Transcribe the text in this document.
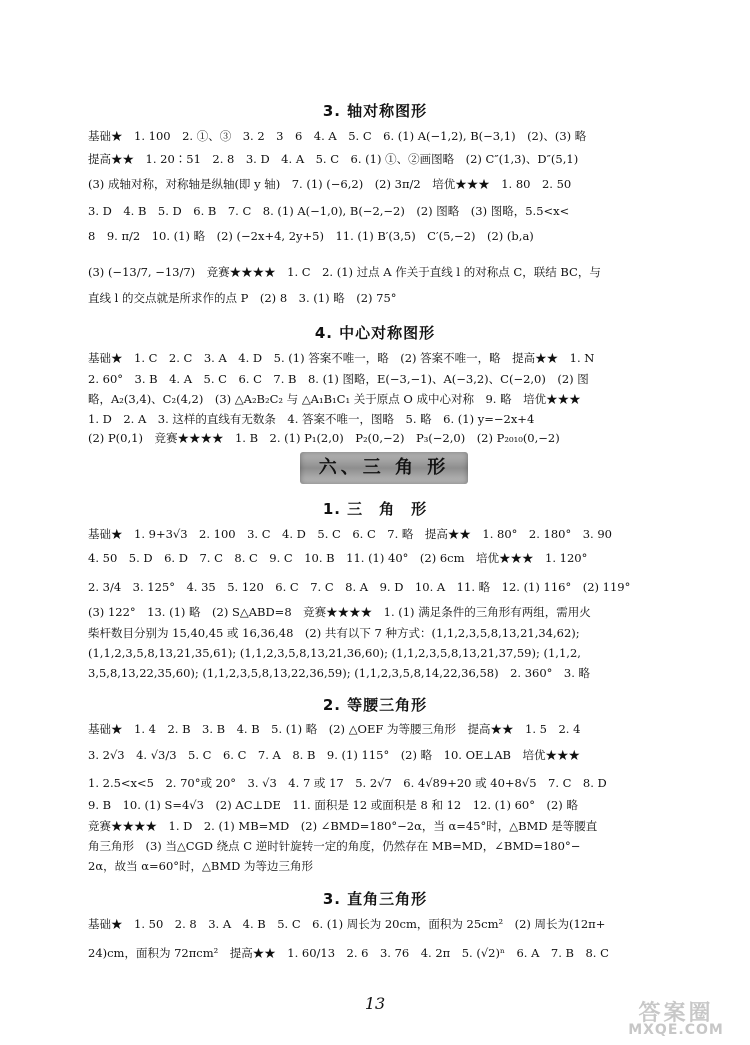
3. 轴对称图形
基础★　1. 100　2. ①、③　3. 2　3　6　4. A　5. C　6. (1) A(−1,2), B(−3,1)　(2)、(3) 略
提高★★　1. 20∶51　2. 8　3. D　4. A　5. C　6. (1) ①、②画图略　(2) C″(1,3)、D″(5,1)
(3) 成轴对称，对称轴是纵轴(即 y 轴)　7. (1) (−6,2)　(2) 3π/2　培优★★★　1. 80　2. 50
3. D　4. B　5. D　6. B　7. C　8. (1) A(−1,0), B(−2,−2)　(2) 图略　(3) 图略，5.5<x<
8　9. π/2　10. (1) 略　(2) (−2x+4, 2y+5)　11. (1) B′(3,5)　C′(5,−2)　(2) (b,a)
(3) (−13/7, −13/7)　竞赛★★★★　1. C　2. (1) 过点 A 作关于直线 l 的对称点 C，联结 BC，与
直线 l 的交点就是所求作的点 P　(2) 8　3. (1) 略　(2) 75°
4. 中心对称图形
基础★　1. C　2. C　3. A　4. D　5. (1) 答案不唯一，略　(2) 答案不唯一，略　提高★★　1. N
2. 60°　3. B　4. A　5. C　6. C　7. B　8. (1) 图略，E(−3,−1)、A(−3,2)、C(−2,0)　(2) 图
略，A₂(3,4)、C₂(4,2)　(3) △A₂B₂C₂ 与 △A₁B₁C₁ 关于原点 O 成中心对称　9. 略　培优★★★
1. D　2. A　3. 这样的直线有无数条　4. 答案不唯一，图略　5. 略　6. (1) y=−2x+4
(2) P(0,1)　竞赛★★★★　1. B　2. (1) P₁(2,0)　P₂(0,−2)　P₃(−2,0)　(2) P₂₀₁₀(0,−2)
六、三 角 形
1. 三　角　形
基础★　1. 9+3√3　2. 100　3. C　4. D　5. C　6. C　7. 略　提高★★　1. 80°　2. 180°　3. 90
4. 50　5. D　6. D　7. C　8. C　9. C　10. B　11. (1) 40°　(2) 6cm　培优★★★　1. 120°
2. 3/4　3. 125°　4. 35　5. 120　6. C　7. C　8. A　9. D　10. A　11. 略　12. (1) 116°　(2) 119°
(3) 122°　13. (1) 略　(2) S△ABD=8　竞赛★★★★　1. (1) 满足条件的三角形有两组，需用火
柴杆数目分别为 15,40,45 或 16,36,48　(2) 共有以下 7 种方式：(1,1,2,3,5,8,13,21,34,62);
(1,1,2,3,5,8,13,21,35,61); (1,1,2,3,5,8,13,21,36,60); (1,1,2,3,5,8,13,21,37,59); (1,1,2,
3,5,8,13,22,35,60); (1,1,2,3,5,8,13,22,36,59); (1,1,2,3,5,8,14,22,36,58)　2. 360°　3. 略
2. 等腰三角形
基础★　1. 4　2. B　3. B　4. B　5. (1) 略　(2) △OEF 为等腰三角形　提高★★　1. 5　2. 4
3. 2√3　4. √3/3　5. C　6. C　7. A　8. B　9. (1) 115°　(2) 略　10. OE⊥AB　培优★★★
1. 2.5<x<5　2. 70°或 20°　3. √3　4. 7 或 17　5. 2√7　6. 4√89+20 或 40+8√5　7. C　8. D
9. B　10. (1) S=4√3　(2) AC⊥DE　11. 面积是 12 或面积是 8 和 12　12. (1) 60°　(2) 略
竞赛★★★★　1. D　2. (1) MB=MD　(2) ∠BMD=180°−2α，当 α=45°时，△BMD 是等腰直
角三角形　(3) 当△CGD 绕点 C 逆时针旋转一定的角度，仍然存在 MB=MD，∠BMD=180°−
2α，故当 α=60°时，△BMD 为等边三角形
3. 直角三角形
基础★　1. 50　2. 8　3. A　4. B　5. C　6. (1) 周长为 20cm，面积为 25cm²　(2) 周长为(12π+
24)cm，面积为 72πcm²　提高★★　1. 60/13　2. 6　3. 76　4. 2π　5. (√2)ⁿ　6. A　7. B　8. C
13	答案圈
MXQE.COM
